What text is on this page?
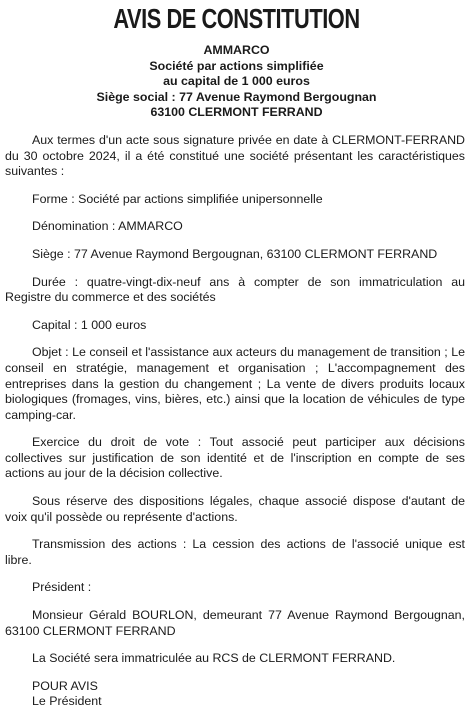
AVIS DE CONSTITUTION
AMMARCO
Société par actions simplifiée
au capital de 1 000 euros
Siège social : 77 Avenue Raymond Bergougnan
63100 CLERMONT FERRAND

Aux termes d'un acte sous signature privée en date à CLERMONT-FERRAND du 30 octobre 2024, il a été constitué une société présentant les caractéristiques suivantes :

Forme : Société par actions simplifiée unipersonnelle

Dénomination : AMMARCO

Siège : 77 Avenue Raymond Bergougnan, 63100 CLERMONT FERRAND

Durée : quatre-vingt-dix-neuf ans à compter de son immatriculation au Registre du commerce et des sociétés

Capital : 1 000 euros

Objet : Le conseil et l'assistance aux acteurs du management de transition ; Le conseil en stratégie, management et organisation ; L'accompagnement des entreprises dans la gestion du changement ; La vente de divers produits locaux biologiques (fromages, vins, bières, etc.) ainsi que la location de véhicules de type camping-car.

Exercice du droit de vote : Tout associé peut participer aux décisions collectives sur justification de son identité et de l'inscription en compte de ses actions au jour de la décision collective.

Sous réserve des dispositions légales, chaque associé dispose d'autant de voix qu'il possède ou représente d'actions.

Transmission des actions : La cession des actions de l'associé unique est libre.

Président :

Monsieur Gérald BOURLON, demeurant 77 Avenue Raymond Bergougnan, 63100 CLERMONT FERRAND

La Société sera immatriculée au RCS de CLERMONT FERRAND.

POUR AVIS

Le Président
